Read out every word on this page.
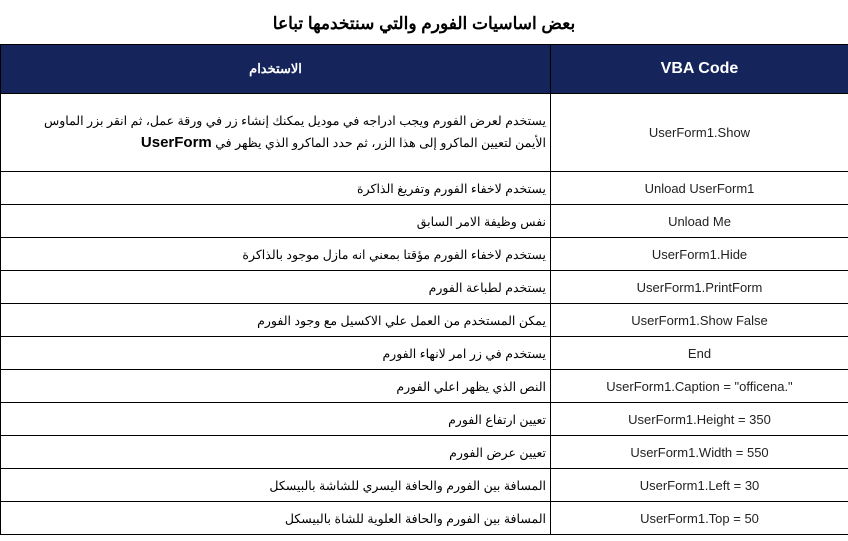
بعض اساسيات الفورم والتي سنتخدمها تباعا
الاستخدام	VBA Code

يستخدم لعرض الفورم ويجب ادراجه في موديل يمكنك إنشاء زر في ورقة عمل، ثم انقر بزر الماوس
الأيمن لتعيين الماكرو إلى هذا الزر، ثم حدد الماكرو الذي يظهر في UserForm	UserForm1.Show
يستخدم لاخفاء الفورم وتفريغ الذاكرة	Unload UserForm1
نفس وظيفة الامر السابق	Unload Me
يستخدم لاخفاء الفورم مؤقتا بمعني انه مازل موجود بالذاكرة	UserForm1.Hide
يستخدم لطباعة الفورم	UserForm1.PrintForm
يمكن المستخدم من العمل علي الاكسيل مع وجود الفورم	UserForm1.Show False
يستخدم في زر امر لانهاء الفورم	End
النص الذي يظهر اعلي الفورم	UserForm1.Caption = "officena."
تعيين ارتفاع الفورم	UserForm1.Height = 350
تعيين عرض الفورم	UserForm1.Width = 550
المسافة بين الفورم والحافة اليسري للشاشة بالبيسكل	UserForm1.Left = 30
المسافة بين الفورم والحافة العلوية للشاة بالبيسكل	UserForm1.Top = 50
